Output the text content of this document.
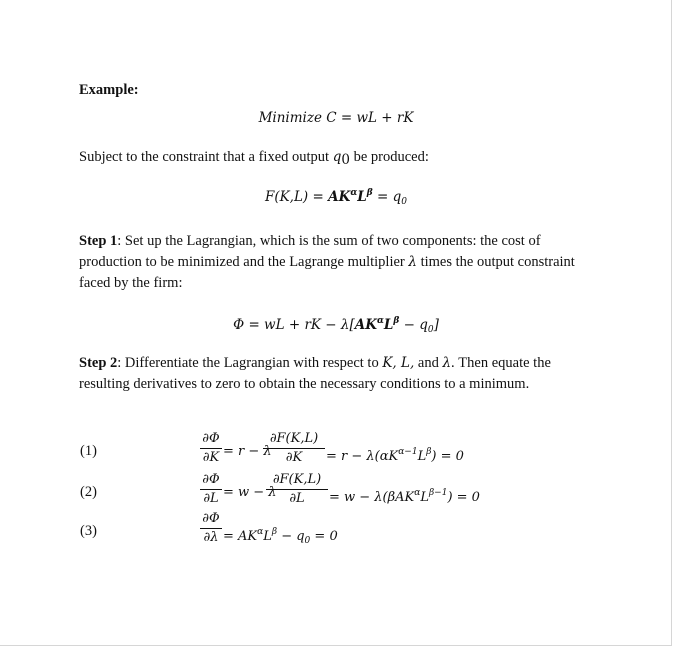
Example:
Minimize C = wL + rK
Subject to the constraint that a fixed output $q_0$ be produced:
$F(K,L) = AK^\alpha L^\beta = q_0$
Step 1: Set up the Lagrangian, which is the sum of two components: the cost of
production to be minimized and the Lagrange multiplier λ times the output constraint
faced by the firm:
Φ = wL + rK − $\lambda[AK^\alpha L^\beta - q_0]$
Step 2: Differentiate the Lagrangian with respect to K, L, and λ. Then equate the
resulting derivatives to zero to obtain the necessary conditions to a minimum.
(1)
∂Φ
∂K = r − λ
∂F(K,L)
∂K	= $r - \lambda(\alpha K^{\alpha-1}L^\beta) = 0$
(2)
∂Φ
∂L = w − λ
∂F(K,L)
∂L	= $w - \lambda(\beta AK^\alpha L^{\beta-1}) = 0$
(3)
∂Φ
$\partial\lambda = AK^\alpha L^\beta - q_0 = 0$
